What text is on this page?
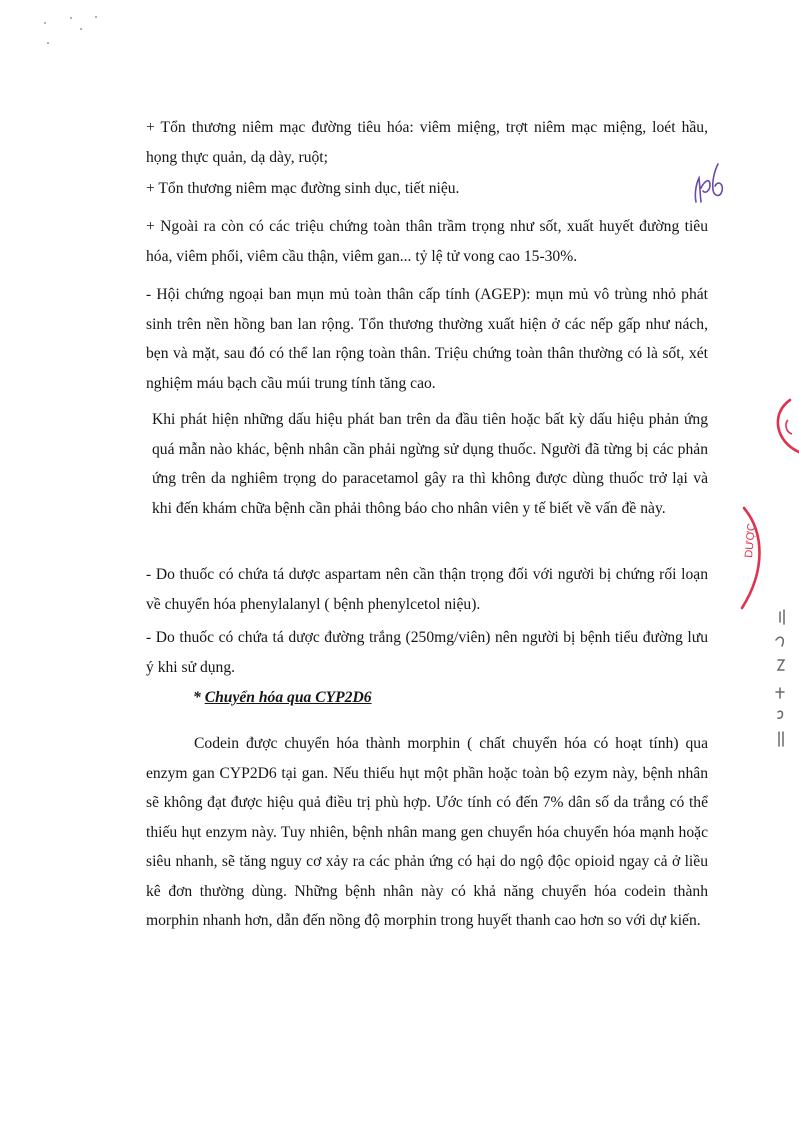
+ Tổn thương niêm mạc đường tiêu hóa: viêm miệng, trợt niêm mạc miệng, loét hầu, họng thực quản, dạ dày, ruột;

+ Tổn thương niêm mạc đường sinh dục, tiết niệu.

+ Ngoài ra còn có các triệu chứng toàn thân trầm trọng như sốt, xuất huyết đường tiêu hóa, viêm phổi, viêm cầu thận, viêm gan... tỷ lệ tử vong cao 15-30%.

- Hội chứng ngoại ban mụn mủ toàn thân cấp tính (AGEP): mụn mủ vô trùng nhỏ phát sinh trên nền hồng ban lan rộng. Tổn thương thường xuất hiện ở các nếp gấp như nách, bẹn và mặt, sau đó có thể lan rộng toàn thân. Triệu chứng toàn thân thường có là sốt, xét nghiệm máu bạch cầu múi trung tính tăng cao.

Khi phát hiện những dấu hiệu phát ban trên da đầu tiên hoặc bất kỳ dấu hiệu phản ứng quá mẫn nào khác, bệnh nhân cần phải ngừng sử dụng thuốc. Người đã từng bị các phản ứng trên da nghiêm trọng do paracetamol gây ra thì không được dùng thuốc trở lại và khi đến khám chữa bệnh cần phải thông báo cho nhân viên y tế biết về vấn đề này.

- Do thuốc có chứa tá dược aspartam nên cần thận trọng đối với người bị chứng rối loạn về chuyển hóa phenylalanyl ( bệnh phenylcetol niệu).

- Do thuốc có chứa tá dược đường trắng (250mg/viên) nên người bị bệnh tiểu đường lưu ý khi sử dụng.

* Chuyển hóa qua CYP2D6

Codein được chuyển hóa thành morphin ( chất chuyển hóa có hoạt tính) qua enzym gan CYP2D6 tại gan. Nếu thiếu hụt một phần hoặc toàn bộ ezym này, bệnh nhân sẽ không đạt được hiệu quả điều trị phù hợp. Ước tính có đến 7% dân số da trắng có thể thiếu hụt enzym này. Tuy nhiên, bệnh nhân mang gen chuyển hóa chuyển hóa mạnh hoặc siêu nhanh, sẽ tăng nguy cơ xảy ra các phản ứng có hại do ngộ độc opioid ngay cả ở liều kê đơn thường dùng. Những bệnh nhân này có khả năng chuyển hóa codein thành morphin nhanh hơn, dẫn đến nồng độ morphin trong huyết thanh cao hơn so với dự kiến.

DƯỢC
